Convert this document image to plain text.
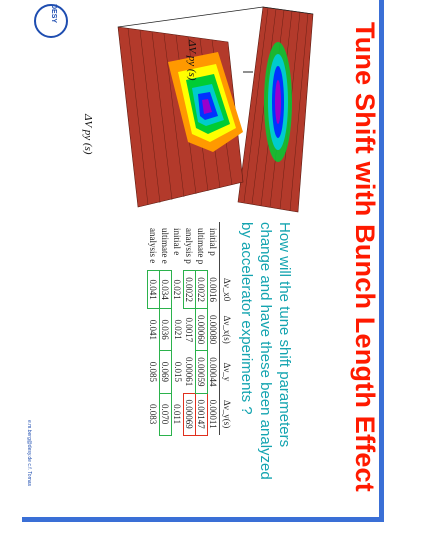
DESY
Tune Shift with Bunch Length Effect
How will the tune shift parameters
change and have these been analyzed
by accelerator experiments ?
	Δν_x0	Δν_x(s)	Δν_y	Δν_y(s)
initial p	0.0016	0.00080	0.00044	0.00011
ultimate p	0.0022	0.00060	0.00059	0.00147
analysis p	0.0022	0.0017	0.00061	0.00069
initial e	0.021	0.021	0.015	0.011
ultimate e	0.034	0.036	0.069	0.070
analysis e	0.041	0.041	0.085	0.083
ΔV py (s)
ΔV py (s)
e.m.berg@desy.de c.f. Tomas
